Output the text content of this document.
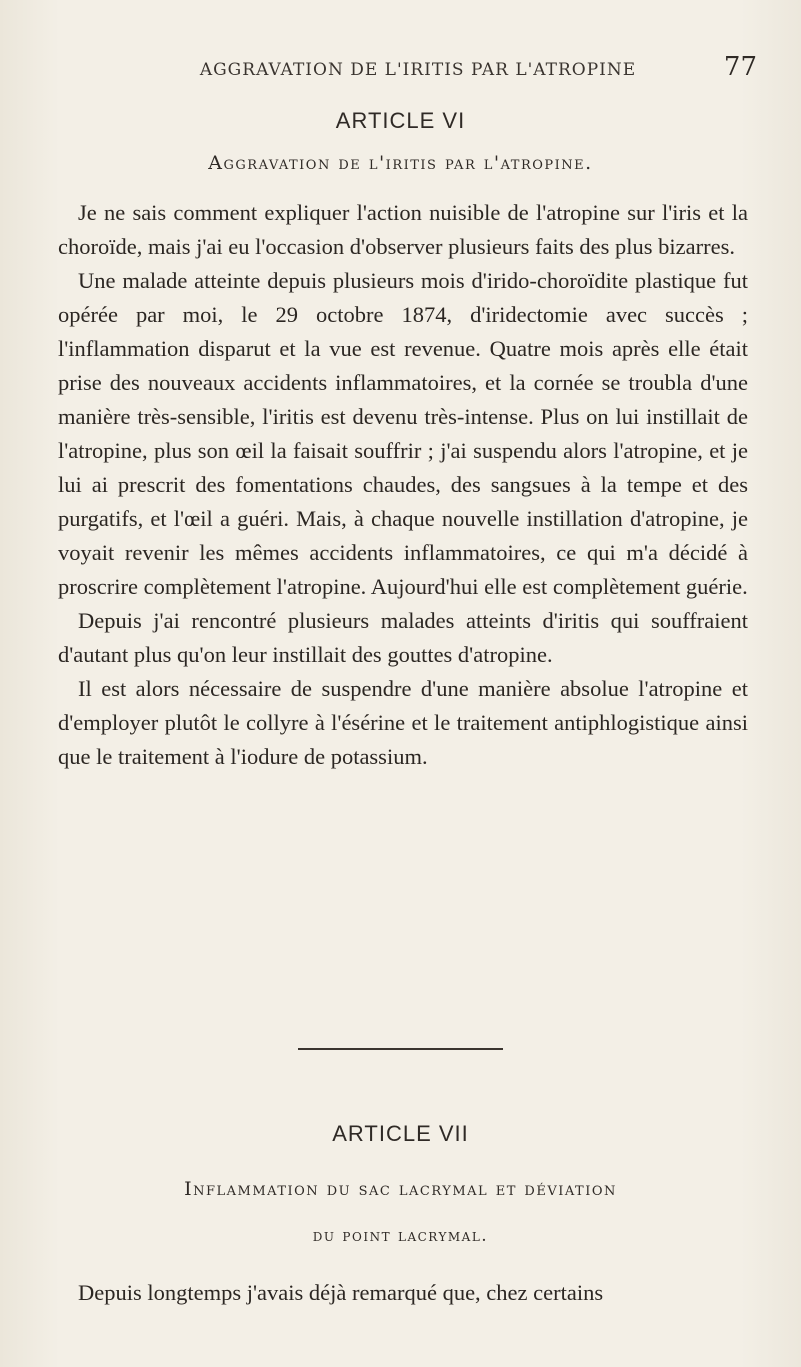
AGGRAVATION DE L'IRITIS PAR L'ATROPINE	77
ARTICLE VI
Aggravation de l'iritis par l'atropine.

Je ne sais comment expliquer l'action nuisible de l'atropine sur l'iris et la choroïde, mais j'ai eu l'occasion d'observer plusieurs faits des plus bizarres.

Une malade atteinte depuis plusieurs mois d'irido-choroïdite plastique fut opérée par moi, le 29 octobre 1874, d'iridectomie avec succès ; l'inflammation disparut et la vue est revenue. Quatre mois après elle était prise des nouveaux accidents inflammatoires, et la cornée se troubla d'une manière très-sensible, l'iritis est devenu très-intense. Plus on lui instillait de l'atropine, plus son œil la faisait souffrir ; j'ai suspendu alors l'atropine, et je lui ai prescrit des fomentations chaudes, des sangsues à la tempe et des purgatifs, et l'œil a guéri. Mais, à chaque nouvelle instillation d'atropine, je voyait revenir les mêmes accidents inflammatoires, ce qui m'a décidé à proscrire complètement l'atropine. Aujourd'hui elle est complètement guérie.

Depuis j'ai rencontré plusieurs malades atteints d'iritis qui souffraient d'autant plus qu'on leur instillait des gouttes d'atropine.

Il est alors nécessaire de suspendre d'une manière absolue l'atropine et d'employer plutôt le collyre à l'ésérine et le traitement antiphlogistique ainsi que le traitement à l'iodure de potassium.

ARTICLE VII
Inflammation du sac lacrymal et déviation
du point lacrymal.

Depuis longtemps j'avais déjà remarqué que, chez certains
